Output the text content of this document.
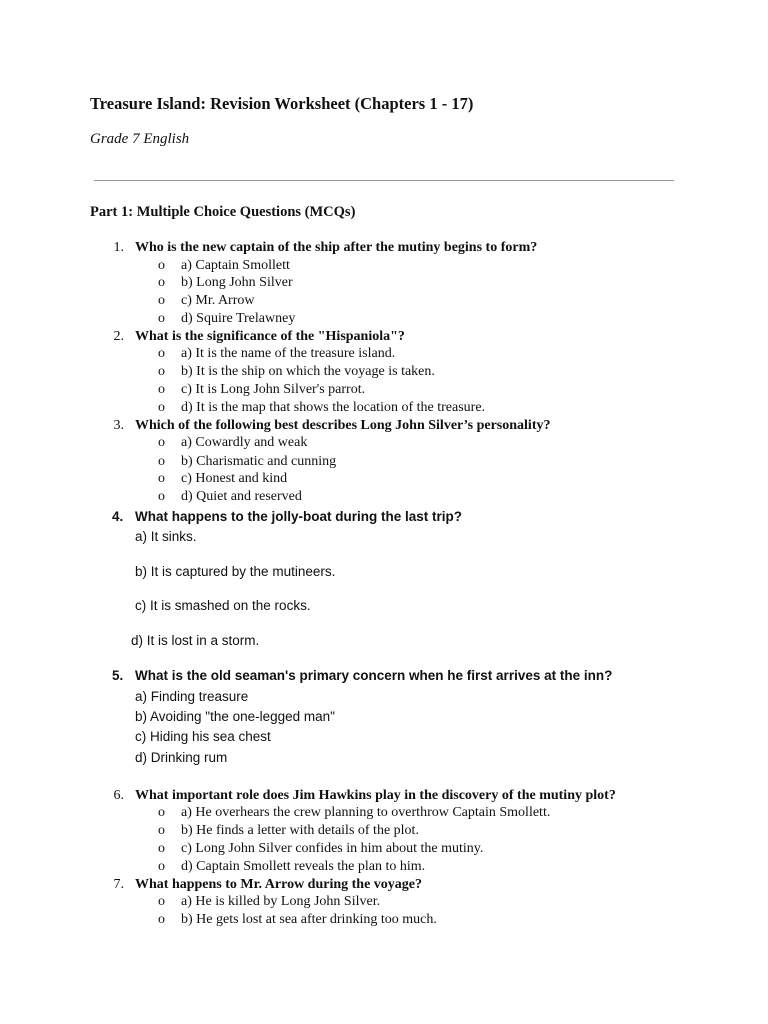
Treasure Island: Revision Worksheet (Chapters 1 - 17)
Grade 7 English
Part 1: Multiple Choice Questions (MCQs)
1. Who is the new captain of the ship after the mutiny begins to form?
o a) Captain Smollett
o b) Long John Silver
o c) Mr. Arrow
o d) Squire Trelawney
2. What is the significance of the "Hispaniola"?
o a) It is the name of the treasure island.
o b) It is the ship on which the voyage is taken.
o c) It is Long John Silver's parrot.
o d) It is the map that shows the location of the treasure.
3. Which of the following best describes Long John Silver’s personality?
o a) Cowardly and weak
o b) Charismatic and cunning
o c) Honest and kind
o d) Quiet and reserved
4. What happens to the jolly-boat during the last trip?
a) It sinks.
b) It is captured by the mutineers.
c) It is smashed on the rocks.
d) It is lost in a storm.
5. What is the old seaman's primary concern when he first arrives at the inn?
a) Finding treasure
b) Avoiding "the one-legged man"
c) Hiding his sea chest
d) Drinking rum
6. What important role does Jim Hawkins play in the discovery of the mutiny plot?
o a) He overhears the crew planning to overthrow Captain Smollett.
o b) He finds a letter with details of the plot.
o c) Long John Silver confides in him about the mutiny.
o d) Captain Smollett reveals the plan to him.
7. What happens to Mr. Arrow during the voyage?
o a) He is killed by Long John Silver.
o b) He gets lost at sea after drinking too much.
